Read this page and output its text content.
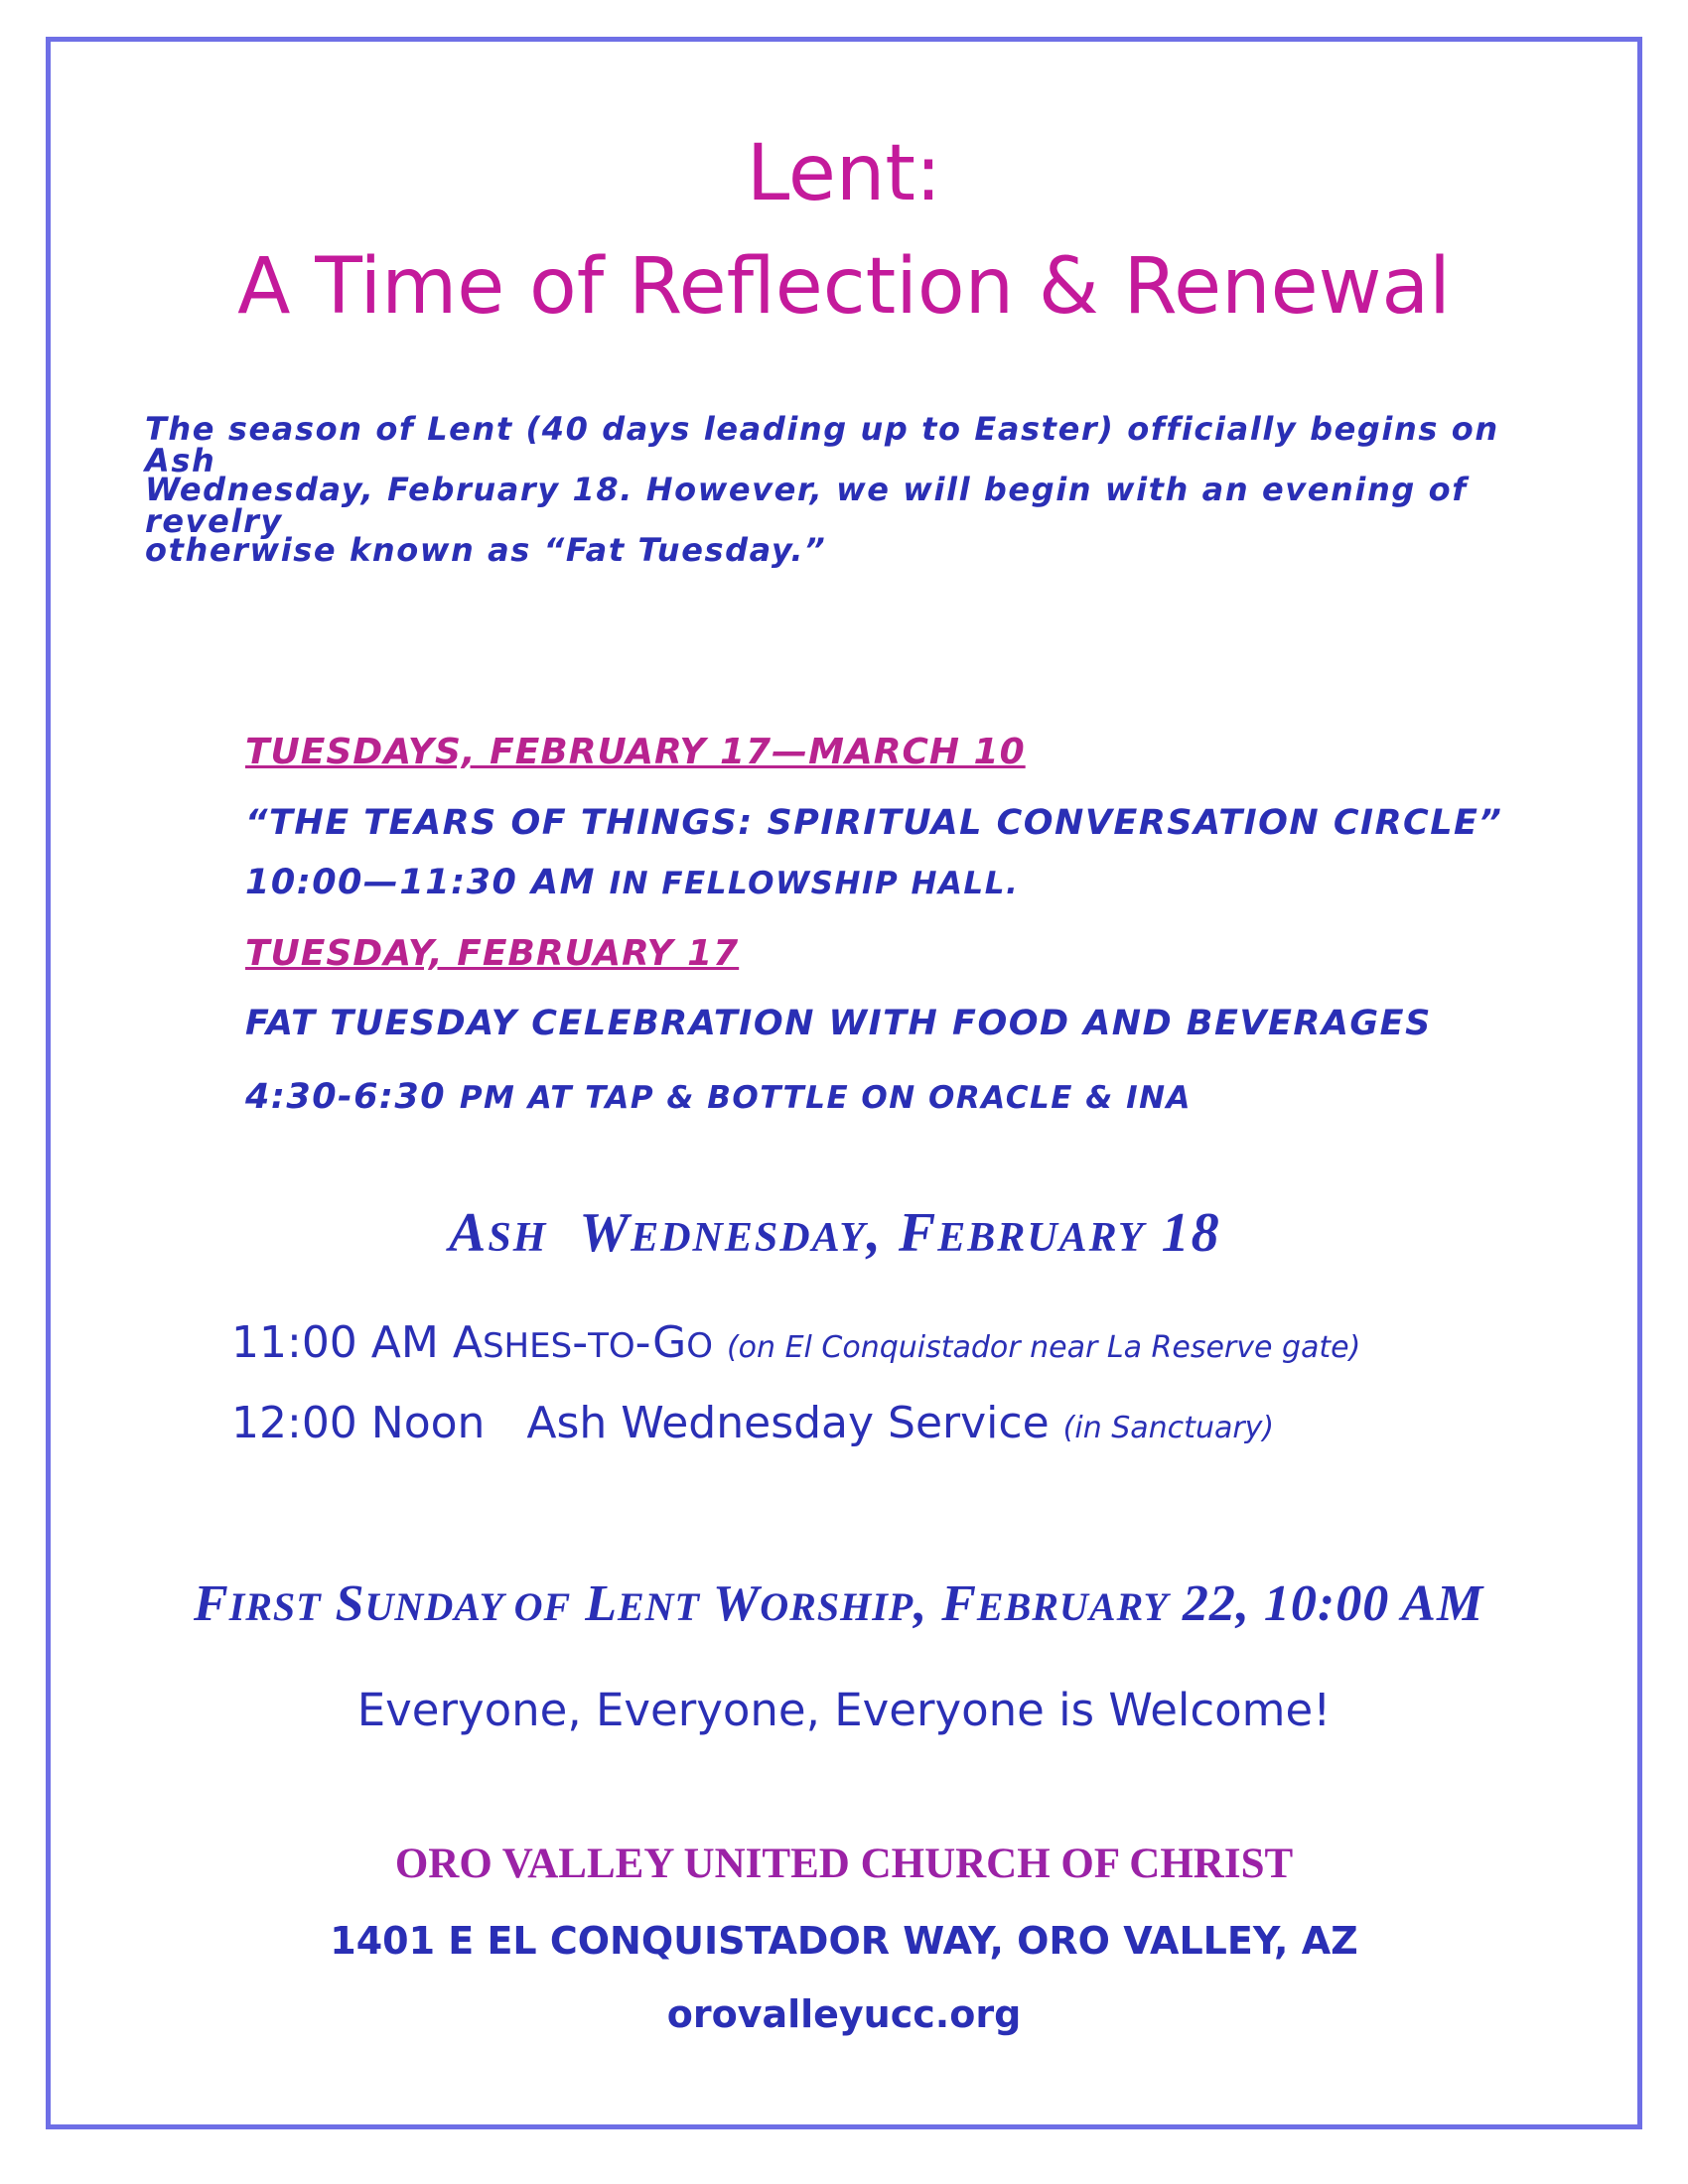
Lent:
A Time of Reflection & Renewal
The season of Lent (40 days leading up to Easter) officially begins on Ash
Wednesday, February 18. However, we will begin with an evening of revelry
otherwise known as “Fat Tuesday.”
TUESDAYS, FEBRUARY 17—MARCH 10
“THE TEARS OF THINGS: SPIRITUAL CONVERSATION CIRCLE”
10:00—11:30 AM IN FELLOWSHIP HALL.
TUESDAY, FEBRUARY 17
FAT TUESDAY CELEBRATION WITH FOOD AND BEVERAGES
4:30-6:30 PM AT TAP & BOTTLE ON ORACLE & INA
ASH WEDNESDAY, FEBRUARY 18
11:00 AM ASHES-TO-GO (on El Conquistador near La Reserve gate)
12:00 Noon Ash Wednesday Service (in Sanctuary)
FIRST SUNDAY OF LENT WORSHIP, FEBRUARY 22, 10:00 AM
Everyone, Everyone, Everyone is Welcome!
ORO VALLEY UNITED CHURCH OF CHRIST
1401 E EL CONQUISTADOR WAY, ORO VALLEY, AZ
orovalleyucc.org
